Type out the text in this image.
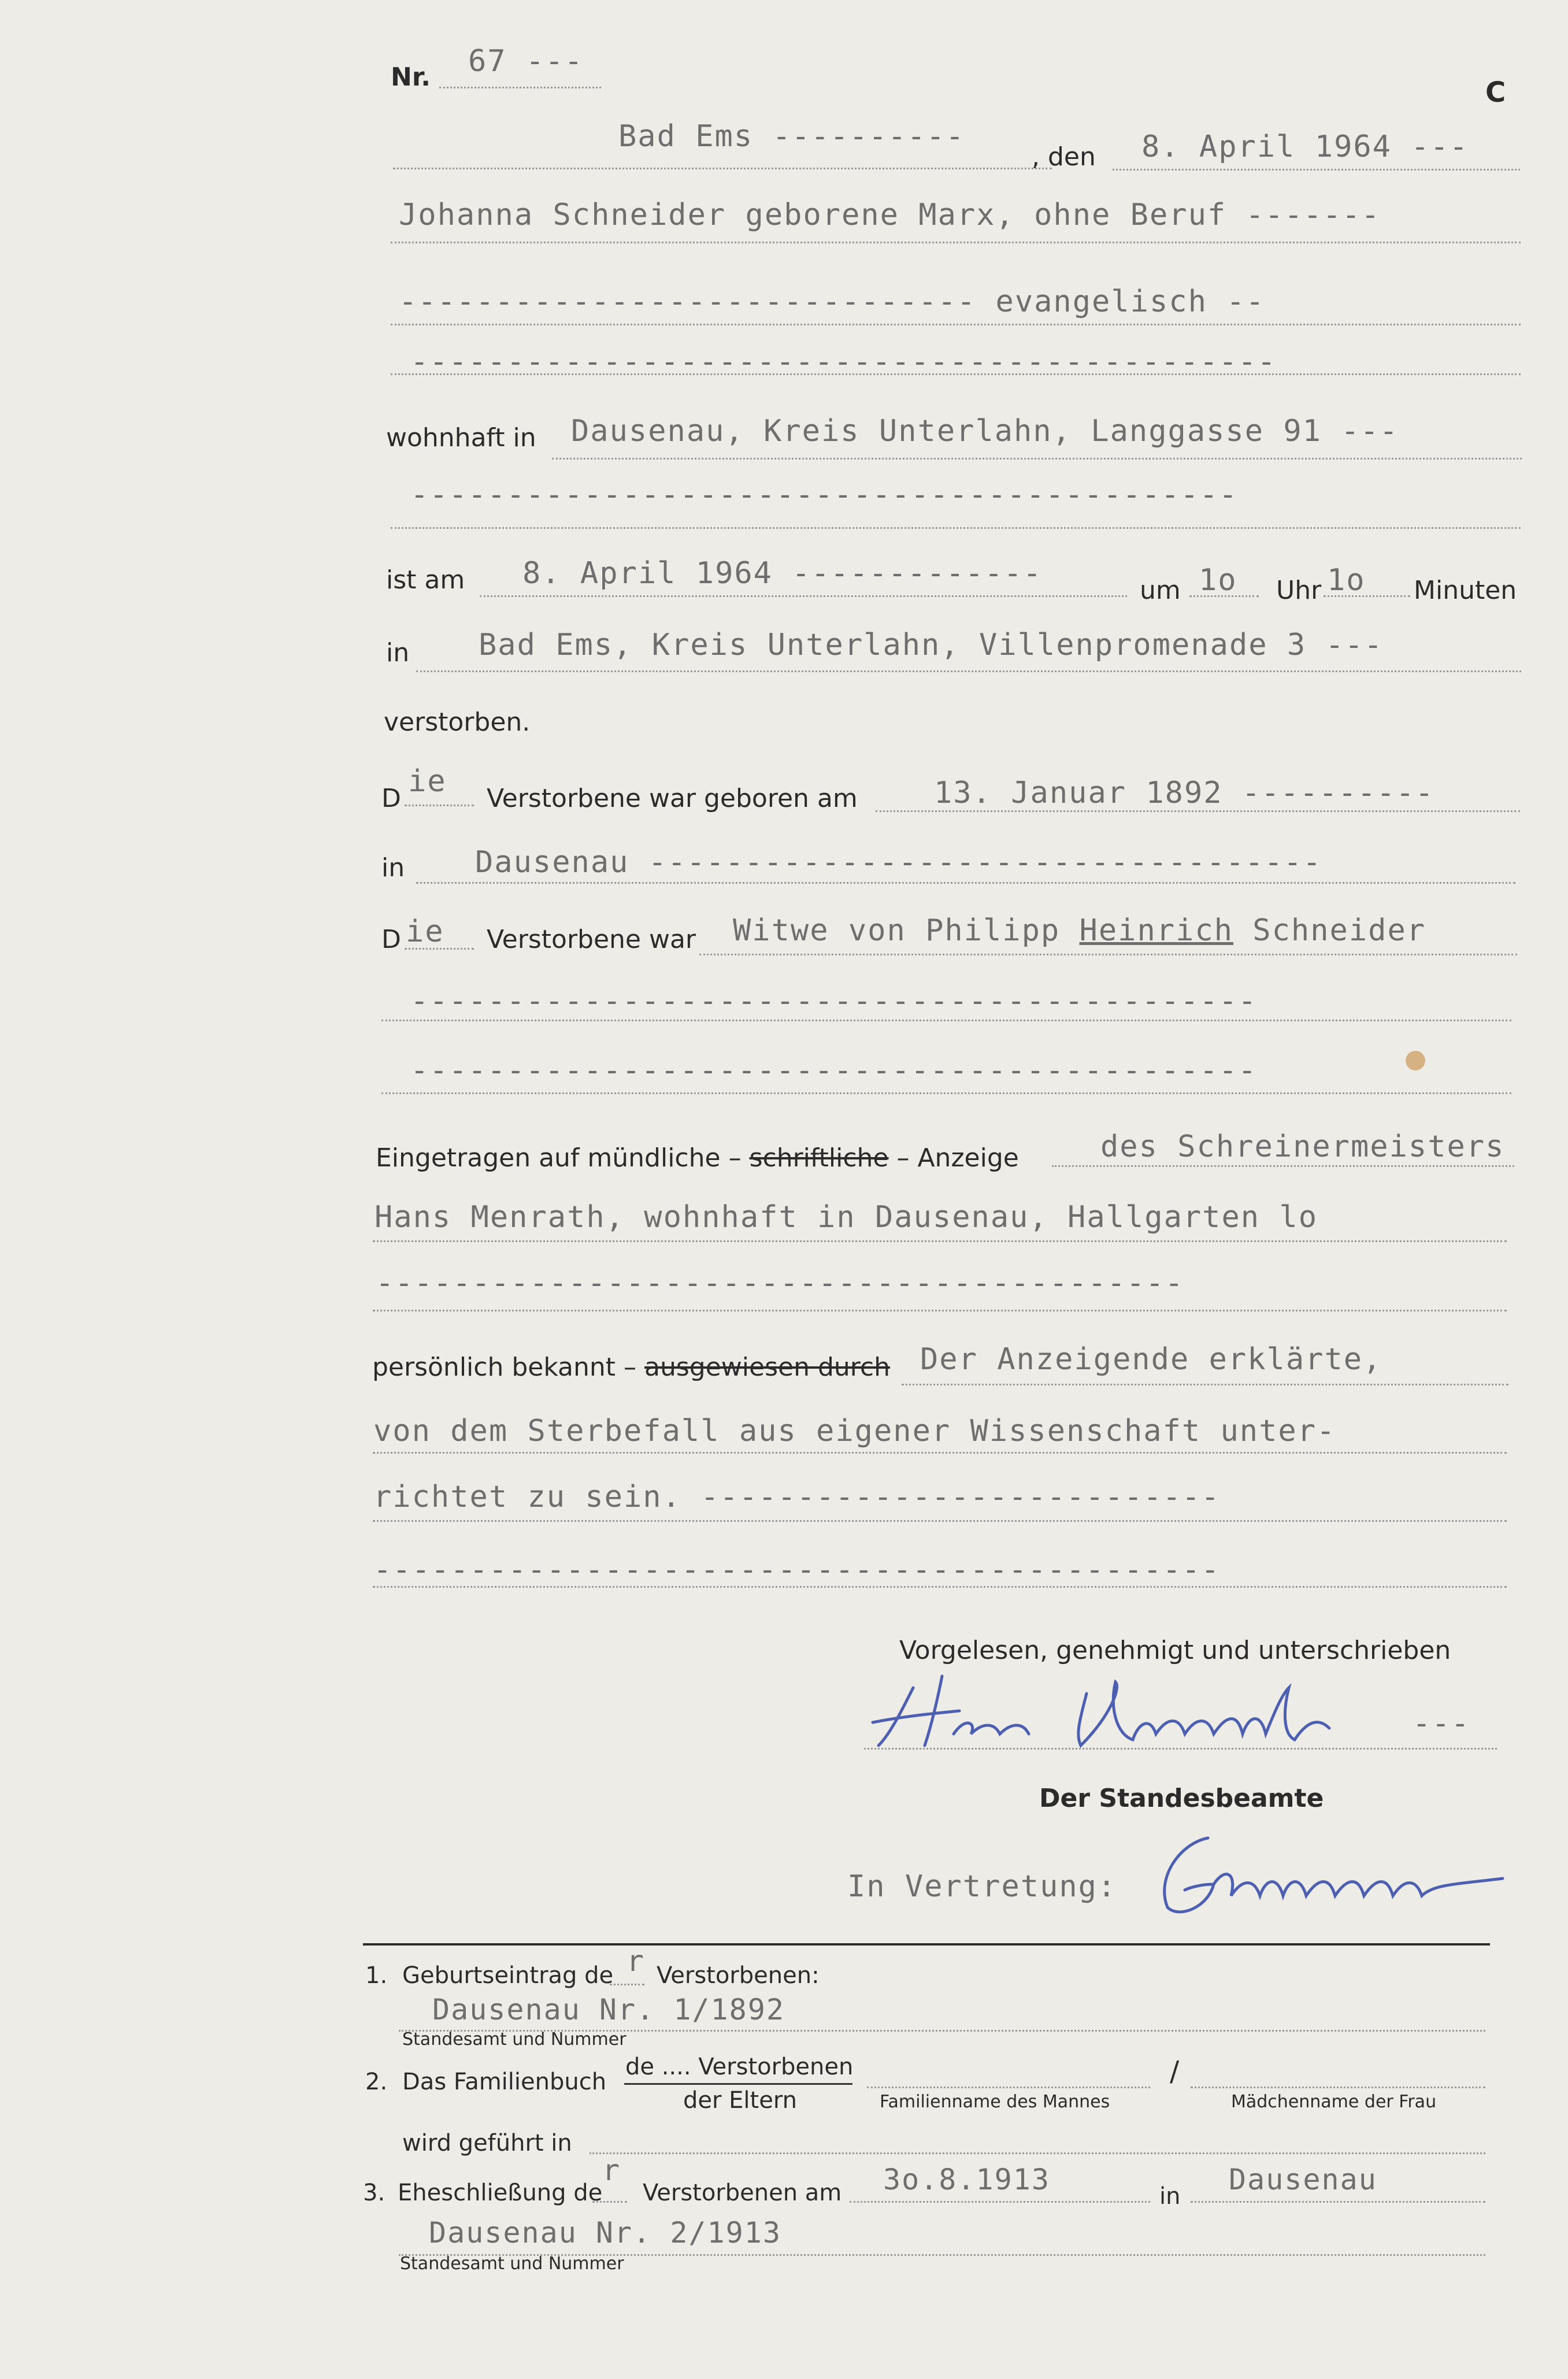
Nr. 67 ---
C
Bad Ems ----------
, den 8. April 1964 ---
Johanna Schneider geborene Marx, ohne Beruf -------
------------------------------ evangelisch --
---------------------------------------------
wohnhaft in Dausenau, Kreis Unterlahn, Langgasse 91 ---
-------------------------------------------
ist am 8. April 1964 -------------	um 1o Uhr 1o Minuten
in Bad Ems, Kreis Unterlahn, Villenpromenade 3 ---
verstorben.
D ie Verstorbene war geboren am	13. Januar 1892 ----------
in Dausenau -----------------------------------
D ie Verstorbene war Witwe von Philipp Heinrich Schneider
--------------------------------------------
--------------------------------------------
Eingetragen auf mündliche – schriftliche – Anzeige	des Schreinermeisters
Hans Menrath, wohnhaft in Dausenau, Hallgarten lo
------------------------------------------
persönlich bekannt – ausgewiesen durch Der Anzeigende erklärte,
von dem Sterbefall aus eigener Wissenschaft unter-
richtet zu sein. ---------------------------
--------------------------------------------
Vorgelesen, genehmigt und unterschrieben
---
Der Standesbeamte
In Vertretung:
1. Geburtseintrag de r Verstorbenen:
Dausenau Nr. 1/1892
Standesamt und Nummer
2. Das Familienbuch
de .... Verstorbenen
der Eltern	Familienname des Mannes
/
Mädchenname der Frau
wird geführt in
3. Eheschließung de
r
Verstorbenen am 3o.8.1913	in Dausenau
Dausenau Nr. 2/1913
Standesamt und Nummer
